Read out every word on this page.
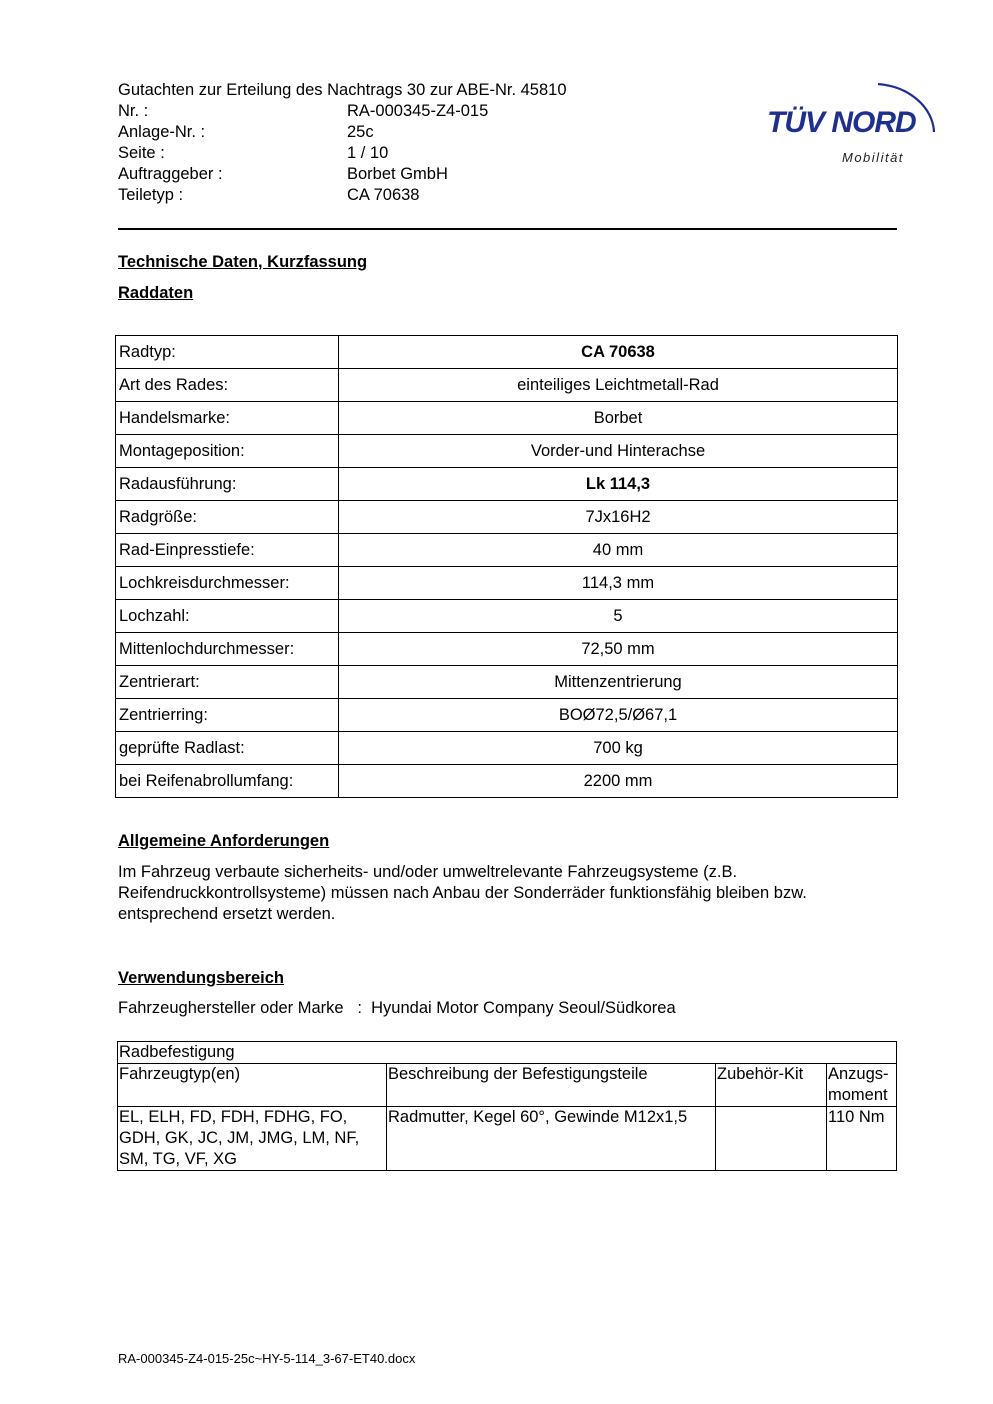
Gutachten zur Erteilung des Nachtrags 30 zur ABE-Nr. 45810
Nr. :	RA-000345-Z4-015
Anlage-Nr. :	25c
Seite :	1 / 10
Auftraggeber :	Borbet GmbH
Teiletyp :	CA 70638
TÜV NORD
Mobilität
Technische Daten, Kurzfassung
Raddaten
Radtyp:	CA 70638
Art des Rades:	einteiliges Leichtmetall-Rad
Handelsmarke:	Borbet
Montageposition:	Vorder-und Hinterachse
Radausführung:	Lk 114,3
Radgröße:	7Jx16H2
Rad-Einpresstiefe:	40 mm
Lochkreisdurchmesser:	114,3 mm
Lochzahl:	5
Mittenlochdurchmesser:	72,50 mm
Zentrierart:	Mittenzentrierung
Zentrierring:	BOØ72,5/Ø67,1
geprüfte Radlast:	700 kg
bei Reifenabrollumfang:	2200 mm
Allgemeine Anforderungen
Im Fahrzeug verbaute sicherheits- und/oder umweltrelevante Fahrzeugsysteme (z.B. Reifendruckkontrollsysteme) müssen nach Anbau der Sonderräder funktionsfähig bleiben bzw. entsprechend ersetzt werden.
Verwendungsbereich
Fahrzeughersteller oder Marke : Hyundai Motor Company Seoul/Südkorea
Radbefestigung			
Fahrzeugtyp(en)	Beschreibung der Befestigungsteile	Zubehör-Kit	Anzugs-moment
EL, ELH, FD, FDH, FDHG, FO, GDH, GK, JC, JM, JMG, LM, NF, SM, TG, VF, XG	Radmutter, Kegel 60°, Gewinde M12x1,5		110 Nm
RA-000345-Z4-015-25c~HY-5-114_3-67-ET40.docx
